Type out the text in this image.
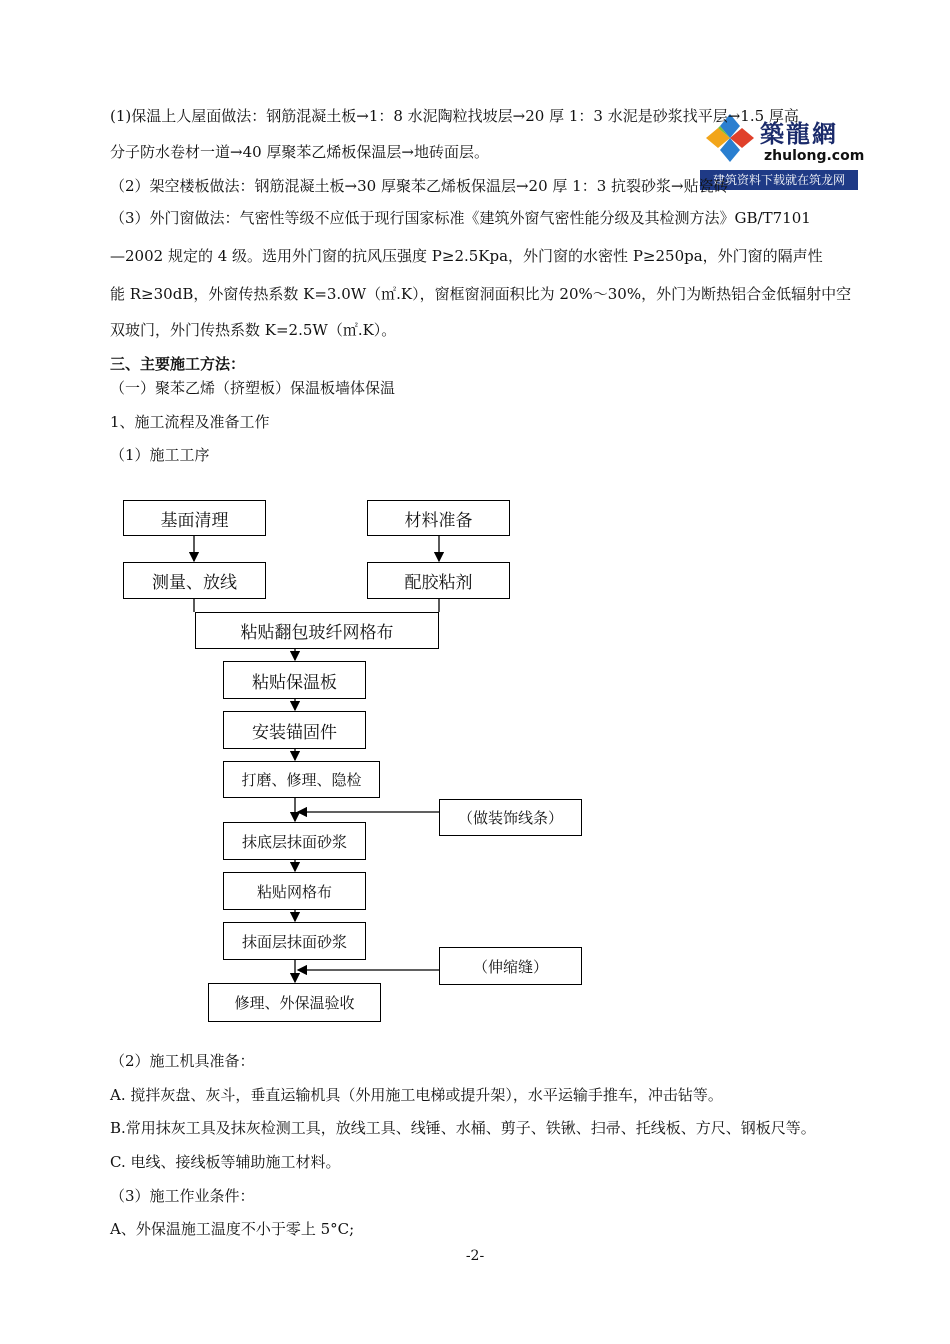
築龍網
zhulong.com
建筑资料下载就在筑龙网
(1)保温上人屋面做法：钢筋混凝土板→1：8 水泥陶粒找坡层→20 厚 1：3 水泥是砂浆找平层→1.5 厚高
分子防水卷材一道→40 厚聚苯乙烯板保温层→地砖面层。
（2）架空楼板做法：钢筋混凝土板→30 厚聚苯乙烯板保温层→20 厚 1：3 抗裂砂浆→贴瓷砖
（3）外门窗做法：气密性等级不应低于现行国家标准《建筑外窗气密性能分级及其检测方法》GB/T7101
—2002 规定的 4 级。选用外门窗的抗风压强度 P≥2.5Kpa，外门窗的水密性 P≥250pa，外门窗的隔声性
能 R≥30dB，外窗传热系数 K=3.0W（㎡.K），窗框窗洞面积比为 20%～30%，外门为断热铝合金低辐射中空
双玻门，外门传热系数 K=2.5W（㎡.K）。
三、主要施工方法：
（一）聚苯乙烯（挤塑板）保温板墙体保温
1、施工流程及准备工作
（1）施工工序
基面清理	材料准备
测量、放线	配胶粘剂
粘贴翻包玻纤网格布
粘贴保温板
安装锚固件
打磨、修理、隐检
（做装饰线条）
抹底层抹面砂浆
粘贴网格布
抹面层抹面砂浆
（伸缩缝）
修理、外保温验收
（2）施工机具准备：
A. 搅拌灰盘、灰斗，垂直运输机具（外用施工电梯或提升架），水平运输手推车，冲击钻等。
B.常用抹灰工具及抹灰检测工具，放线工具、线锤、水桶、剪子、铁锹、扫帚、托线板、方尺、钢板尺等。
C. 电线、接线板等辅助施工材料。
（3）施工作业条件：
A、外保温施工温度不小于零上 5°C;
-2-
